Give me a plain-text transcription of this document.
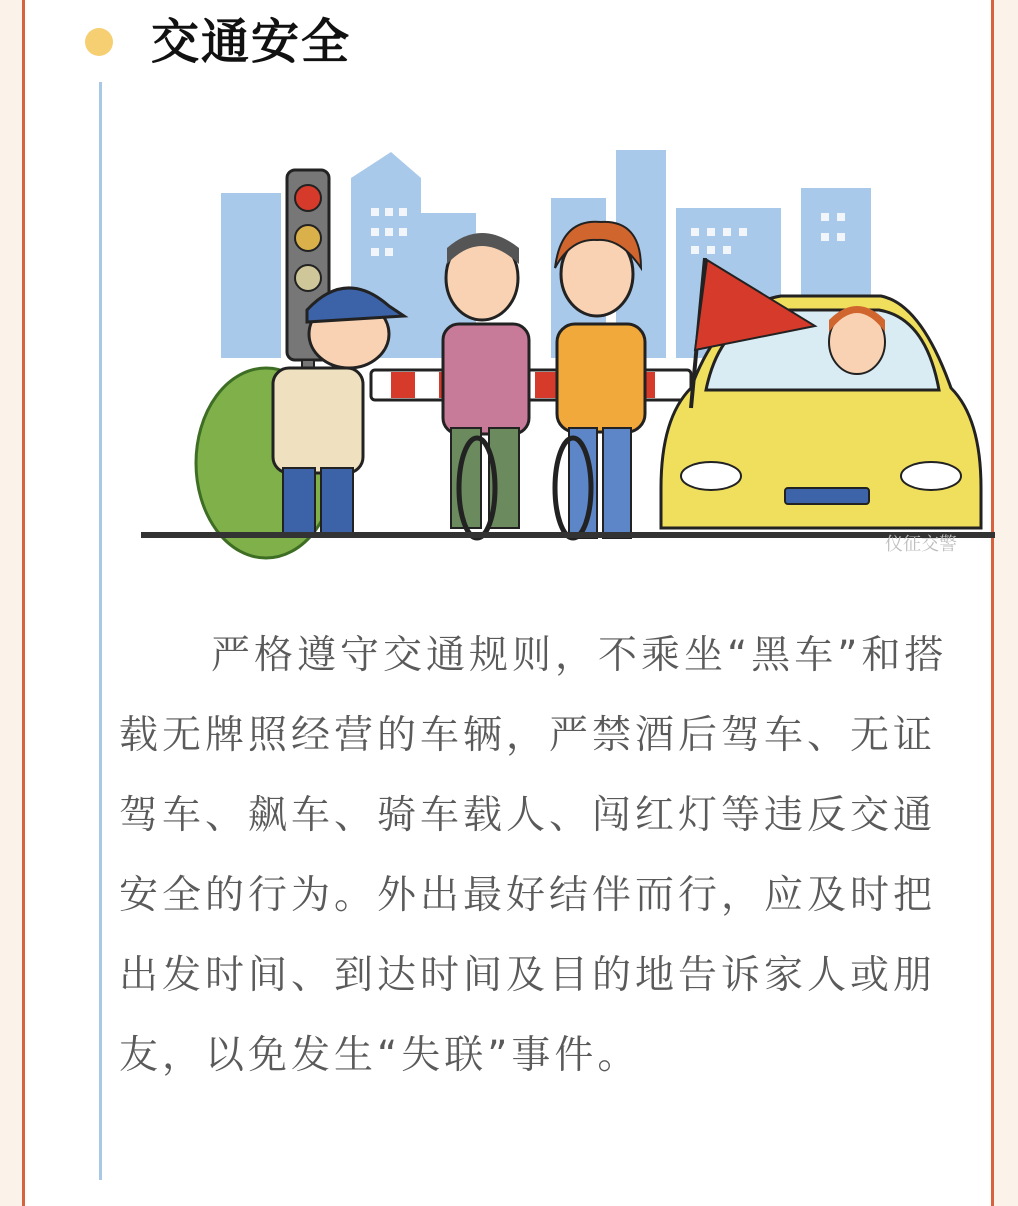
交通安全
仪征交警

严格遵守交通规则，不乘坐“黑车”和搭载无牌照经营的车辆，严禁酒后驾车、无证驾车、飙车、骑车载人、闯红灯等违反交通安全的行为。外出最好结伴而行，应及时把出发时间、到达时间及目的地告诉家人或朋友，以免发生“失联”事件。
